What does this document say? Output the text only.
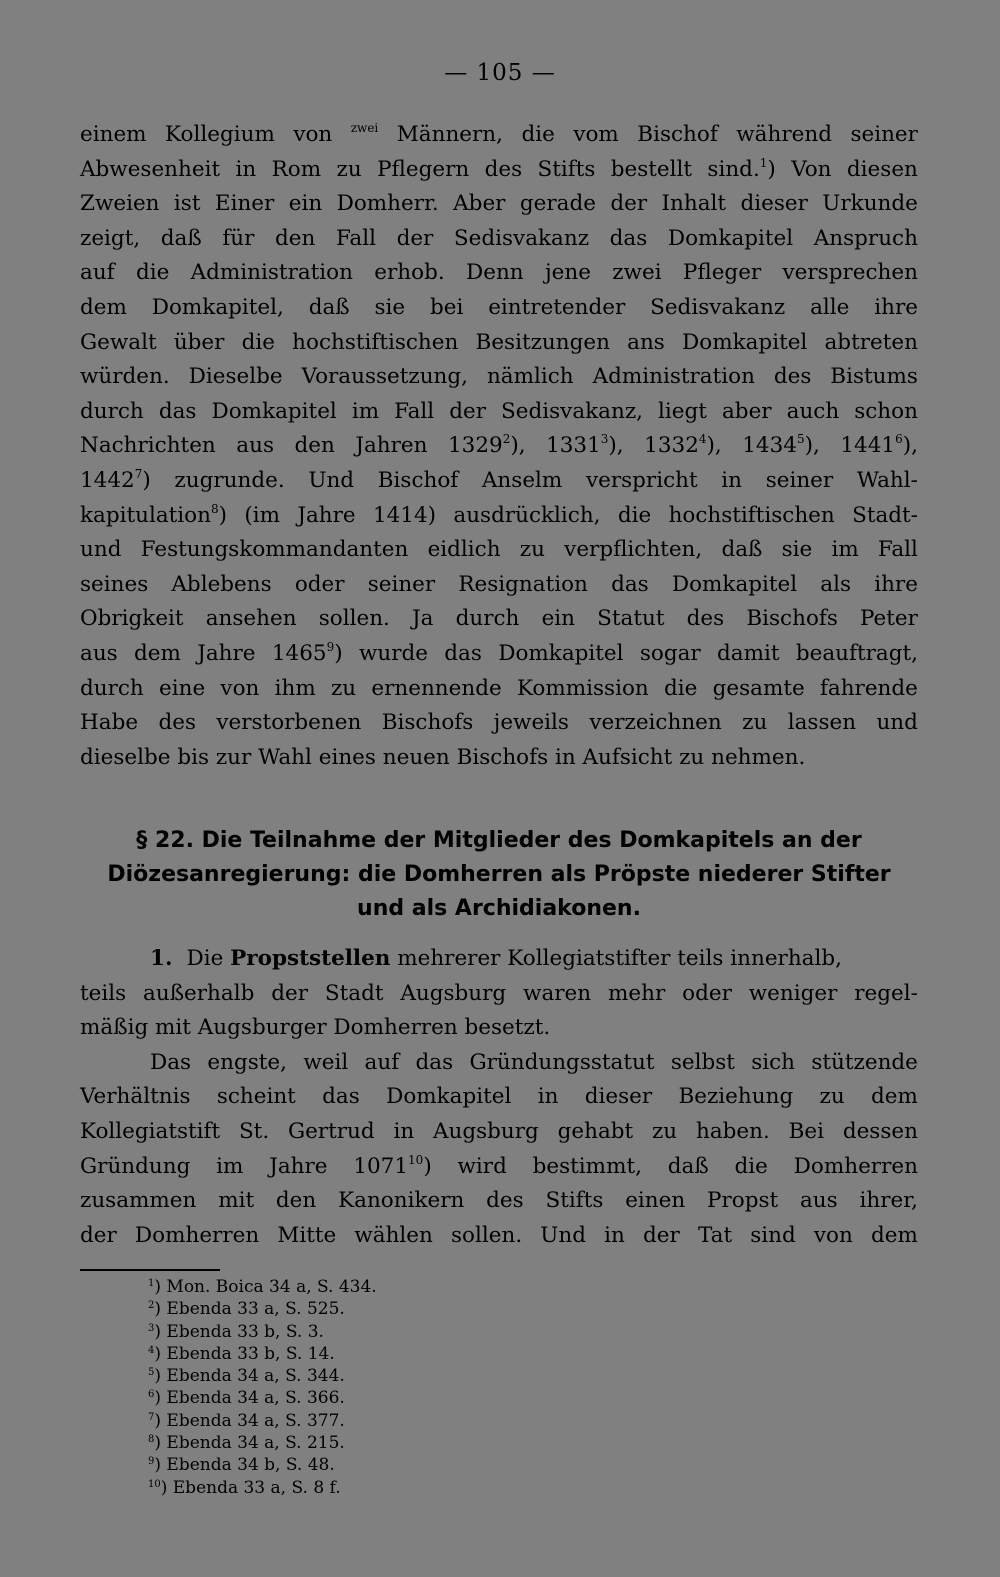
— 105 —
einem Kollegium von $^{zwei}$ Männern, die vom Bischof während seiner
Abwesenheit in Rom zu Pflegern des Stifts bestellt sind.$^1$) Von diesen
Zweien ist Einer ein Domherr. Aber gerade der Inhalt dieser Urkunde
zeigt, daß für den Fall der Sedisvakanz das Domkapitel Anspruch
auf die Administration erhob. Denn jene zwei Pfleger versprechen
dem Domkapitel, daß sie bei eintretender Sedisvakanz alle ihre
Gewalt über die hochstiftischen Besitzungen ans Domkapitel abtreten
würden. Dieselbe Voraussetzung, nämlich Administration des Bistums
durch das Domkapitel im Fall der Sedisvakanz, liegt aber auch schon
Nachrichten aus den Jahren 1329$^2$), 1331$^3$), 1332$^4$), 1434$^5$), 1441$^6$),
1442$^7$) zugrunde. Und Bischof Anselm verspricht in seiner Wahl-
kapitulation$^8$) (im Jahre 1414) ausdrücklich, die hochstiftischen Stadt-
und Festungskommandanten eidlich zu verpflichten, daß sie im Fall
seines Ablebens oder seiner Resignation das Domkapitel als ihre
Obrigkeit ansehen sollen. Ja durch ein Statut des Bischofs Peter
aus dem Jahre 1465$^9$) wurde das Domkapitel sogar damit beauftragt,
durch eine von ihm zu ernennende Kommission die gesamte fahrende
Habe des verstorbenen Bischofs jeweils verzeichnen zu lassen und
dieselbe bis zur Wahl eines neuen Bischofs in Aufsicht zu nehmen.
§ 22. Die Teilnahme der Mitglieder des Domkapitels an der
Diözesanregierung: die Domherren als Pröpste niederer Stifter
und als Archidiakonen.
1. Die Propststellen mehrerer Kollegiatstifter teils innerhalb,
teils außerhalb der Stadt Augsburg waren mehr oder weniger regel-
mäßig mit Augsburger Domherren besetzt.
Das engste, weil auf das Gründungsstatut selbst sich stützende
Verhältnis scheint das Domkapitel in dieser Beziehung zu dem
Kollegiatstift St. Gertrud in Augsburg gehabt zu haben. Bei dessen
Gründung im Jahre 1071$^{10}$) wird bestimmt, daß die Domherren
zusammen mit den Kanonikern des Stifts einen Propst aus ihrer,
der Domherren Mitte wählen sollen. Und in der Tat sind von dem
$^1$) Mon. Boica 34 a, S. 434.
$^2$) Ebenda 33 a, S. 525.
$^3$) Ebenda 33 b, S. 3.
$^4$) Ebenda 33 b, S. 14.
$^5$) Ebenda 34 a, S. 344.
$^6$) Ebenda 34 a, S. 366.
$^7$) Ebenda 34 a, S. 377.
$^8$) Ebenda 34 a, S. 215.
$^9$) Ebenda 34 b, S. 48.
$^{10}$) Ebenda 33 a, S. 8 f.
